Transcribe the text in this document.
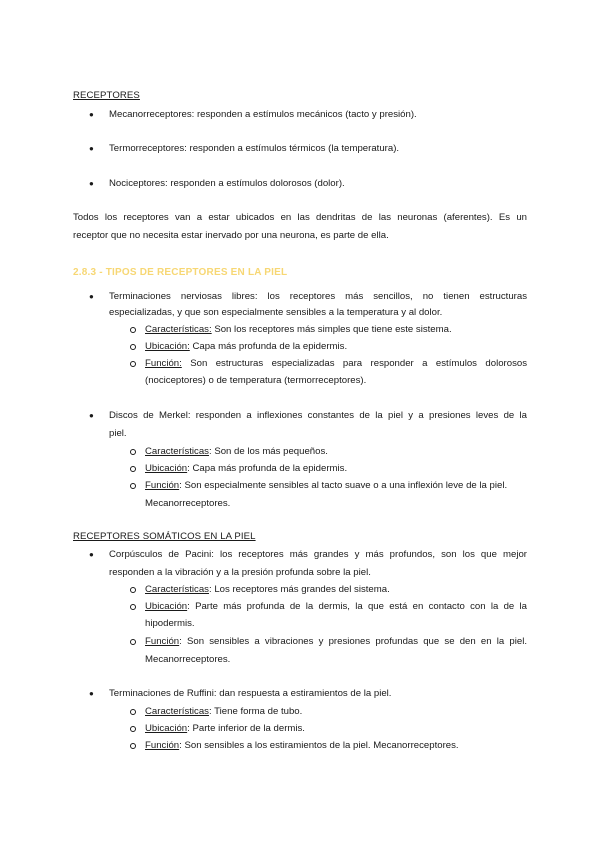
RECEPTORES
● Mecanorreceptores: responden a estímulos mecánicos (tacto y presión).
● Termorreceptores: responden a estímulos térmicos (la temperatura).
● Nociceptores: responden a estímulos dolorosos (dolor).
Todos los receptores van a estar ubicados en las dendritas de las neuronas (aferentes). Es un
receptor que no necesita estar inervado por una neurona, es parte de ella.
2.8.3 - TIPOS DE RECEPTORES EN LA PIEL
● Terminaciones nerviosas libres: los receptores más sencillos, no tienen estructuras
especializadas, y que son especialmente sensibles a la temperatura y al dolor.
Características: Son los receptores más simples que tiene este sistema.
Ubicación: Capa más profunda de la epidermis.
Función: Son estructuras especializadas para responder a estímulos dolorosos
(nociceptores) o de temperatura (termorreceptores).
● Discos de Merkel: responden a inflexiones constantes de la piel y a presiones leves de la
piel.
Características: Son de los más pequeños.
Ubicación: Capa más profunda de la epidermis.
Función: Son especialmente sensibles al tacto suave o a una inflexión leve de la piel.
Mecanorreceptores.
RECEPTORES SOMÁTICOS EN LA PIEL
● Corpúsculos de Pacini: los receptores más grandes y más profundos, son los que mejor
responden a la vibración y a la presión profunda sobre la piel.
Características: Los receptores más grandes del sistema.
Ubicación: Parte más profunda de la dermis, la que está en contacto con la de la
hipodermis.
Función: Son sensibles a vibraciones y presiones profundas que se den en la piel.
Mecanorreceptores.
● Terminaciones de Ruffini: dan respuesta a estiramientos de la piel.
Características: Tiene forma de tubo.
Ubicación: Parte inferior de la dermis.
Función: Son sensibles a los estiramientos de la piel. Mecanorreceptores.
